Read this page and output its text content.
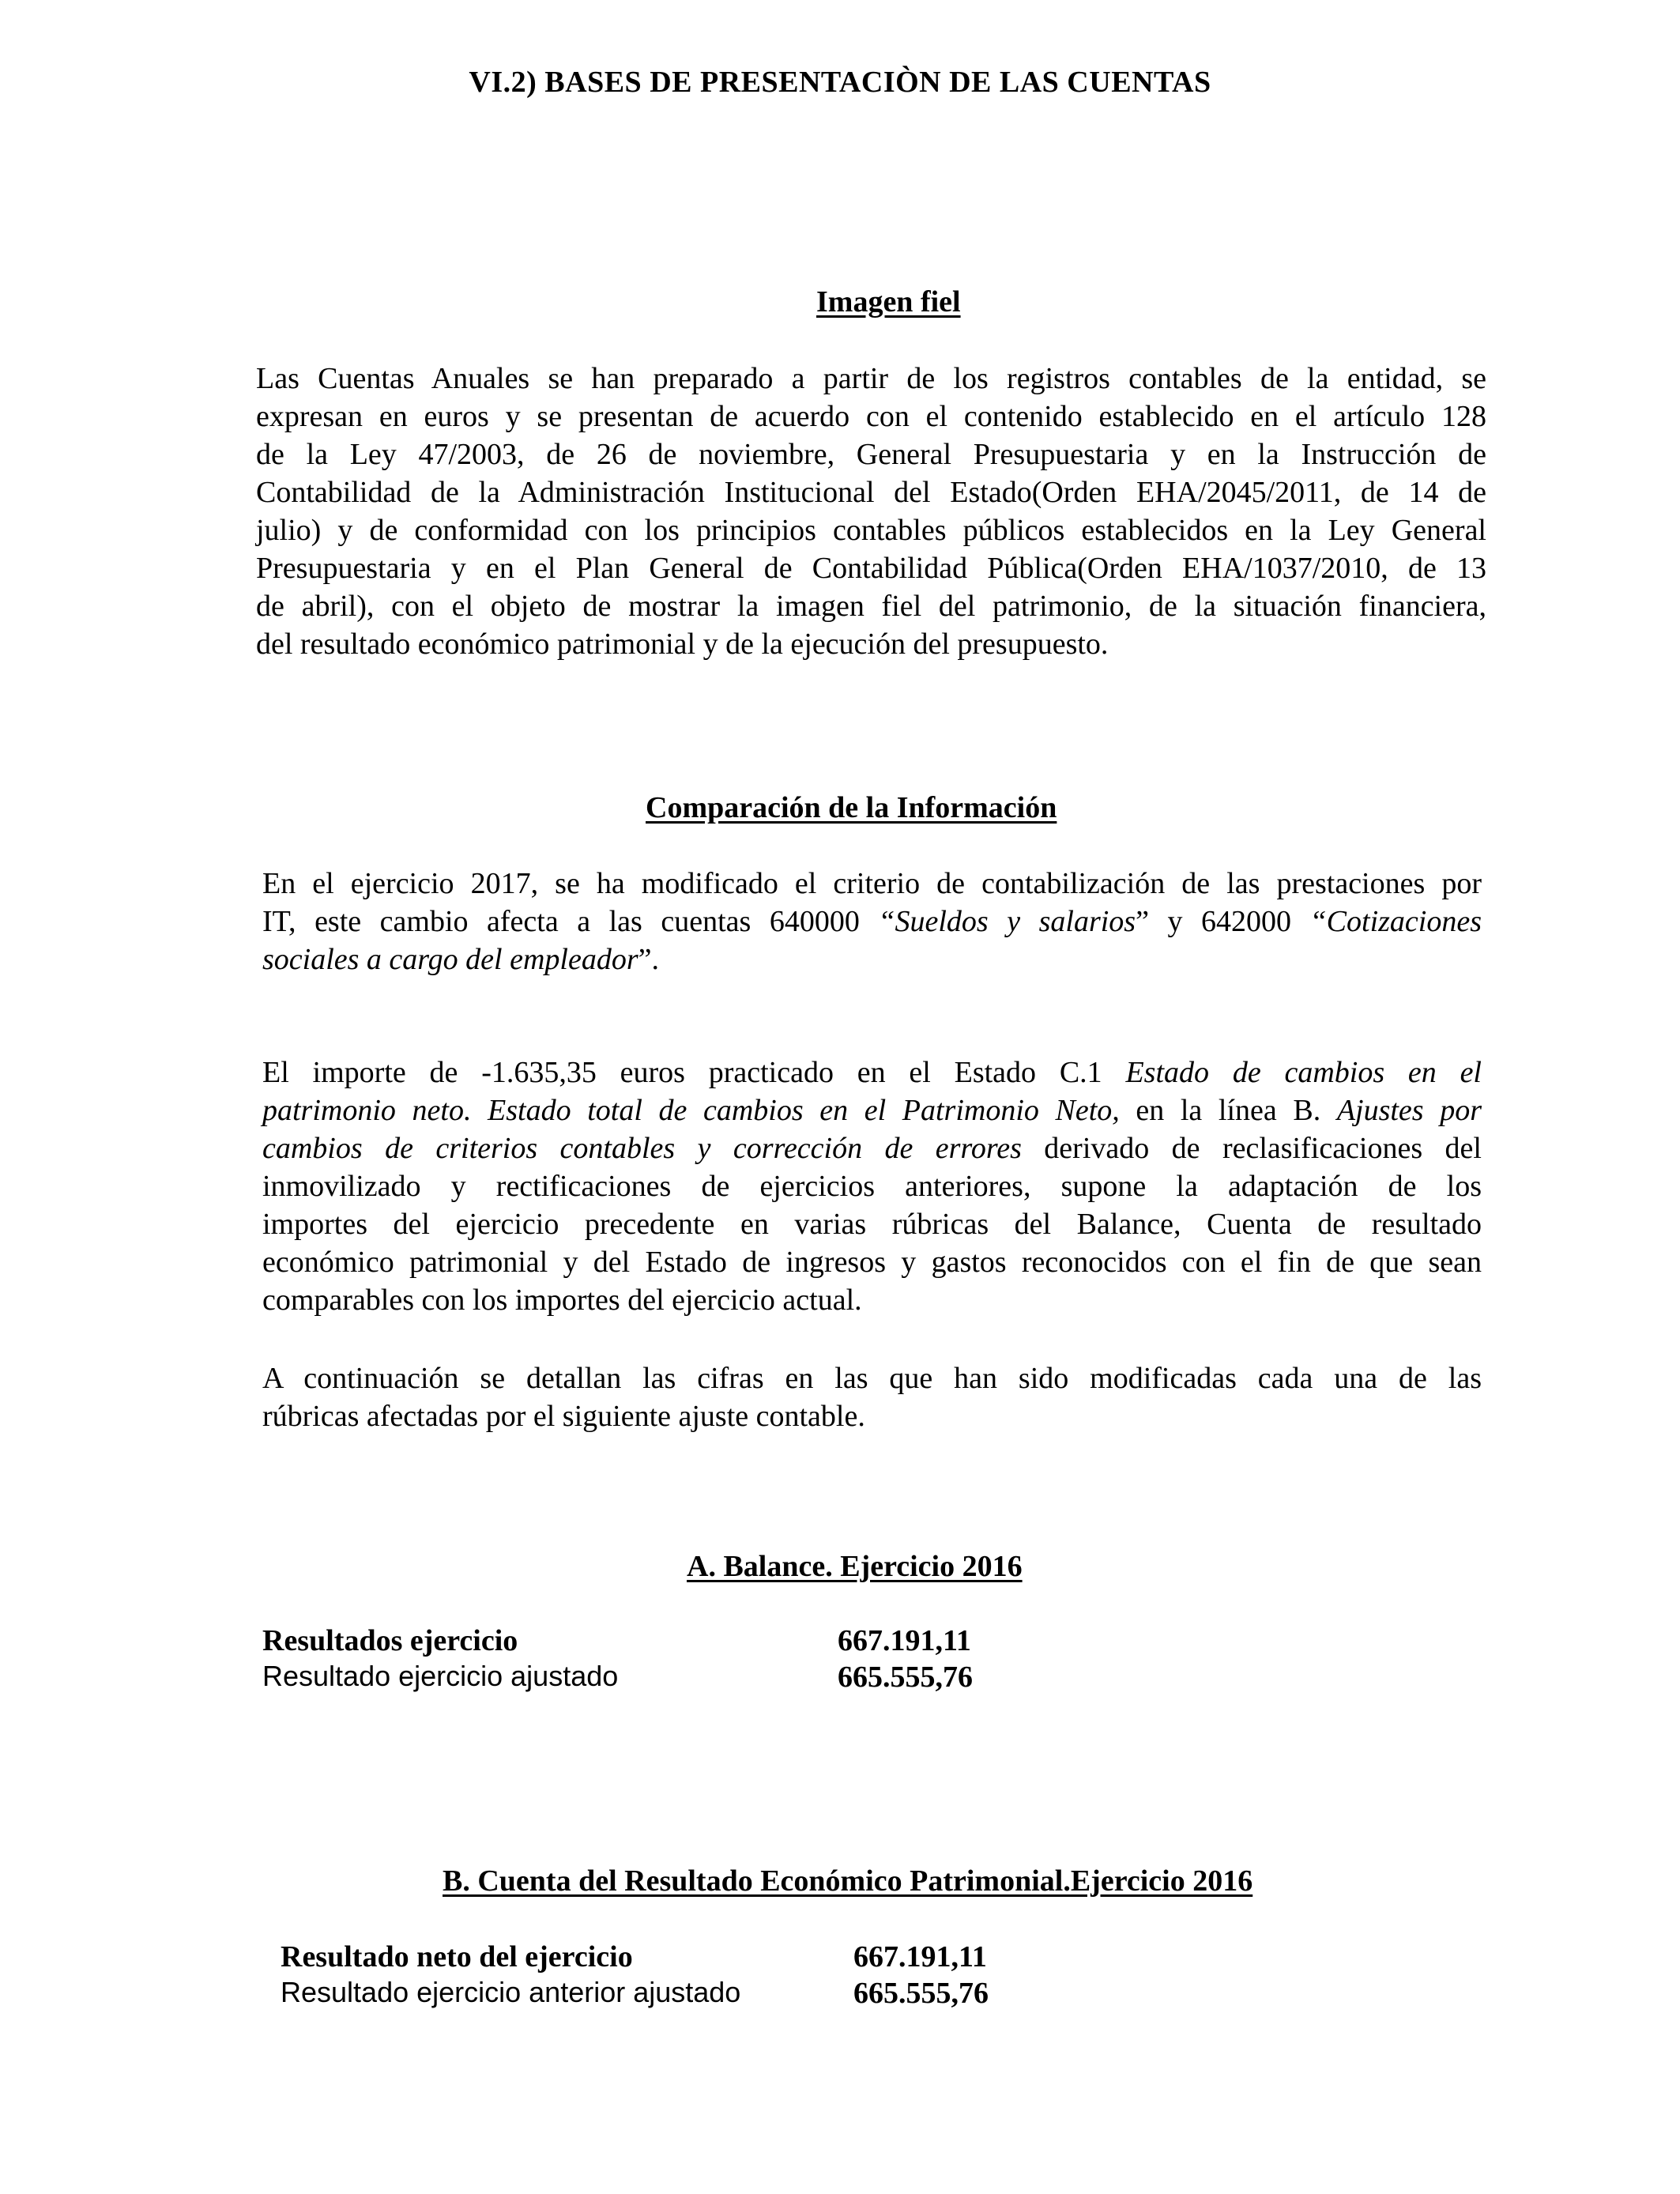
VI.2) BASES DE PRESENTACIÒN DE LAS CUENTAS
Imagen fiel
Las Cuentas Anuales se han preparado a partir de los registros contables de la entidad, se
expresan en euros y se presentan de acuerdo con el contenido establecido en el artículo 128
de la Ley 47/2003, de 26 de noviembre, General Presupuestaria y en la Instrucción de
Contabilidad de la Administración Institucional del Estado(Orden EHA/2045/2011, de 14 de
julio) y de conformidad con los principios contables públicos establecidos en la Ley General
Presupuestaria y en el Plan General de Contabilidad Pública(Orden EHA/1037/2010, de 13
de abril), con el objeto de mostrar la imagen fiel del patrimonio, de la situación financiera,
del resultado económico patrimonial y de la ejecución del presupuesto.
Comparación de la Información
En el ejercicio 2017, se ha modificado el criterio de contabilización de las prestaciones por
IT, este cambio afecta a las cuentas 640000 “Sueldos y salarios” y 642000 “Cotizaciones
sociales a cargo del empleador”.
El importe de -1.635,35 euros practicado en el Estado C.1 Estado de cambios en el
patrimonio neto. Estado total de cambios en el Patrimonio Neto, en la línea B. Ajustes por
cambios de criterios contables y corrección de errores derivado de reclasificaciones del
inmovilizado y rectificaciones de ejercicios anteriores, supone la adaptación de los
importes del ejercicio precedente en varias rúbricas del Balance, Cuenta de resultado
económico patrimonial y del Estado de ingresos y gastos reconocidos con el fin de que sean
comparables con los importes del ejercicio actual.
A continuación se detallan las cifras en las que han sido modificadas cada una de las
rúbricas afectadas por el siguiente ajuste contable.
A. Balance. Ejercicio 2016
Resultados ejercicio	667.191,11
Resultado ejercicio ajustado	665.555,76
B. Cuenta del Resultado Económico Patrimonial.Ejercicio 2016
Resultado neto del ejercicio	667.191,11
Resultado ejercicio anterior ajustado	665.555,76
